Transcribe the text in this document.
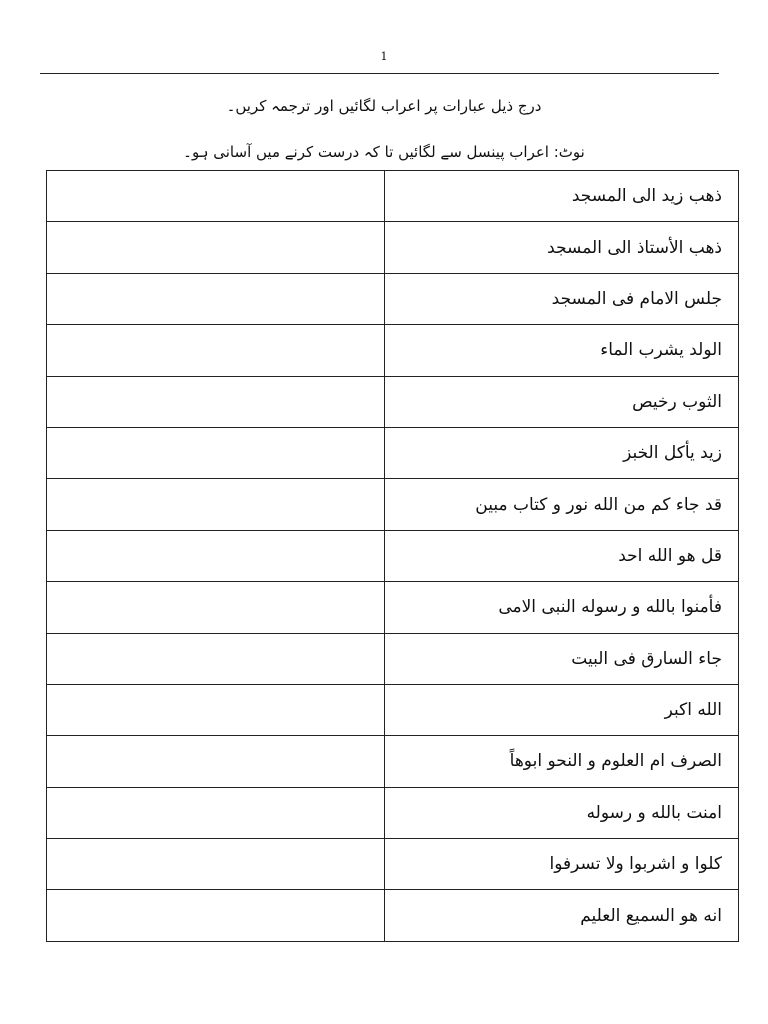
1
درج ذیل عبارات پر اعراب لگائیں اور ترجمہ کریں۔
نوٹ: اعراب پینسل سے لگائیں تا کہ درست کرنے میں آسانی ہو۔
	ذهب زيد الى المسجد
	ذهب الأستاذ الى المسجد
	جلس الامام فى المسجد
	الولد يشرب الماء
	الثوب رخيص
	زيد يأكل الخبز
	قد جاء كم من الله نور و كتاب مبين
	قل هو الله احد
	فأمنوا بالله و رسوله النبى الامى
	جاء السارق فى البيت
	الله اكبر
	الصرف ام العلوم و النحو ابوهاً
	امنت بالله و رسوله
	كلوا و اشربوا ولا تسرفوا
	انه هو السميع العليم
